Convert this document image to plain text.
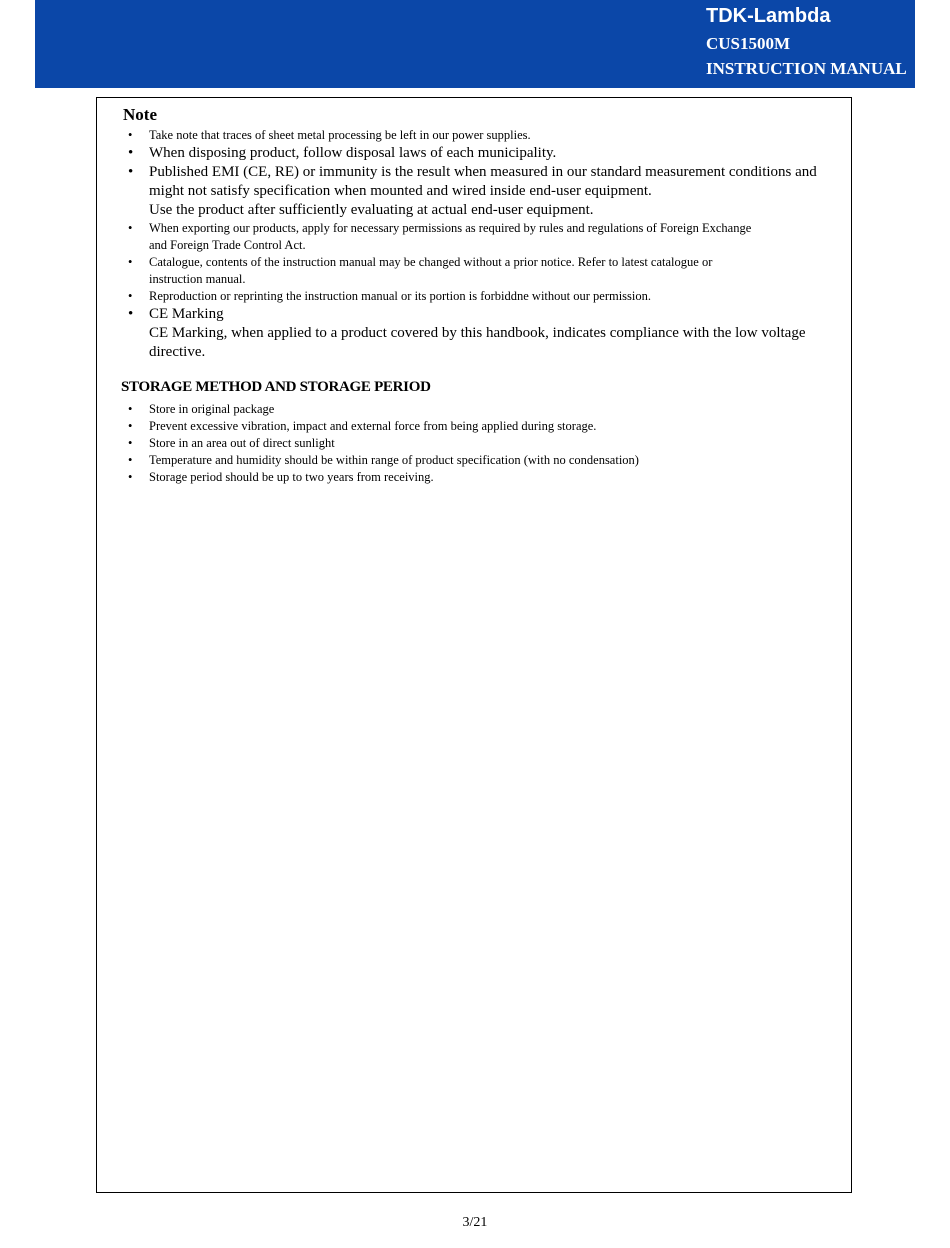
TDK-Lambda
CUS1500M
INSTRUCTION MANUAL
Note
• Take note that traces of sheet metal processing be left in our power supplies.
• When disposing product, follow disposal laws of each municipality.
• Published EMI (CE, RE) or immunity is the result when measured in our standard measurement conditions and
might not satisfy specification when mounted and wired inside end-user equipment.
Use the product after sufficiently evaluating at actual end-user equipment.
• When exporting our products, apply for necessary permissions as required by rules and regulations of Foreign Exchange
and Foreign Trade Control Act.
• Catalogue, contents of the instruction manual may be changed without a prior notice. Refer to latest catalogue or
instruction manual.
• Reproduction or reprinting the instruction manual or its portion is forbiddne without our permission.
• CE Marking
CE Marking, when applied to a product covered by this handbook, indicates compliance with the low voltage
directive.
STORAGE METHOD AND STORAGE PERIOD
• Store in original package
• Prevent excessive vibration, impact and external force from being applied during storage.
• Store in an area out of direct sunlight
• Temperature and humidity should be within range of product specification (with no condensation)
• Storage period should be up to two years from receiving.
3/21
